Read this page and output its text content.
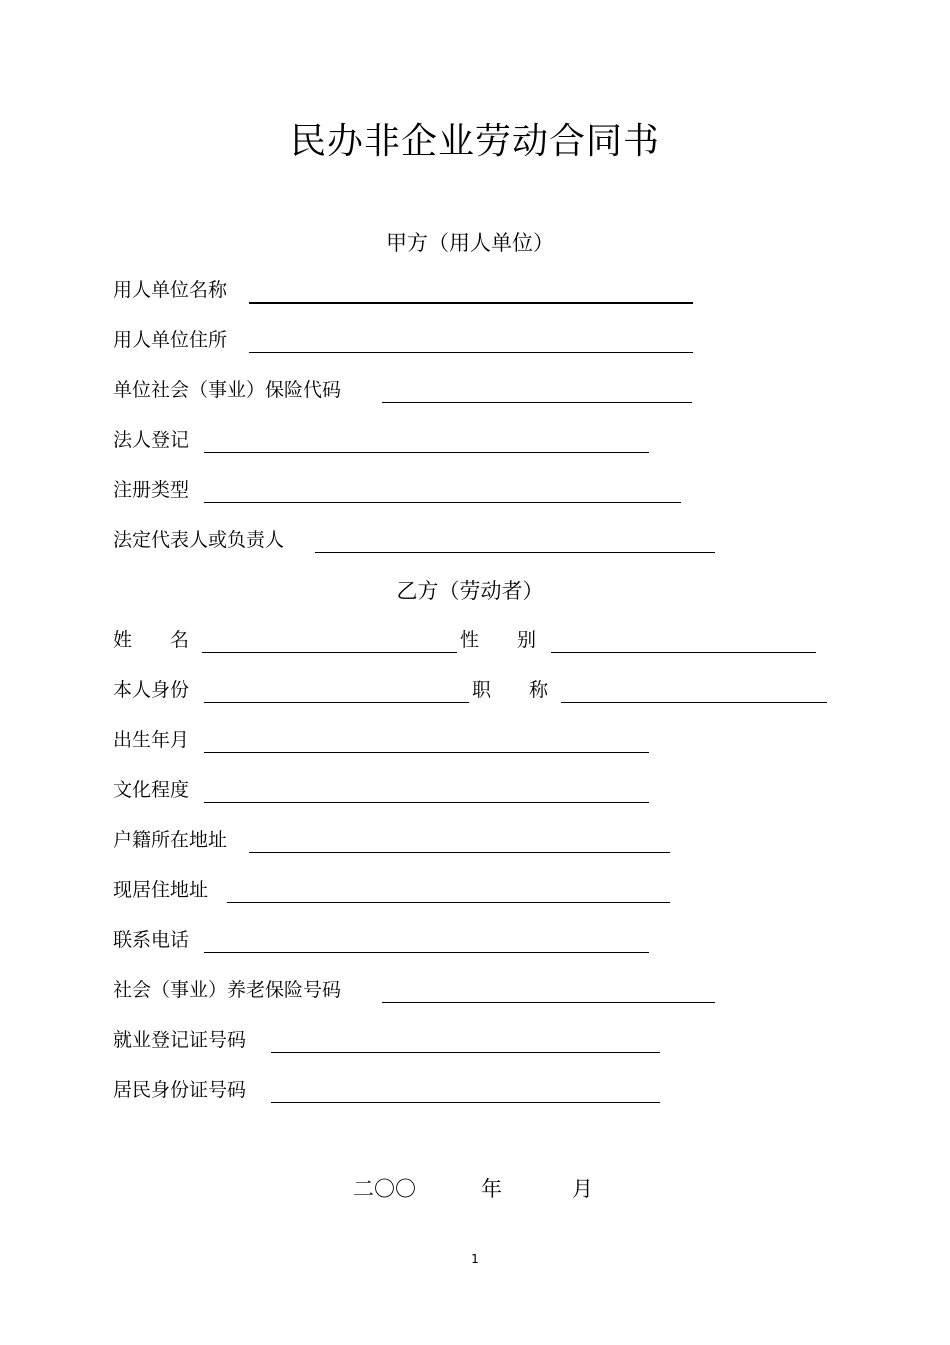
民办非企业劳动合同书
甲方（用人单位）
用人单位名称
用人单位住所
单位社会（事业）保险代码
法人登记
注册类型
法定代表人或负责人
乙方（劳动者）
姓　　名	性　　别
本人身份	职　　称
出生年月
文化程度
户籍所在地址
现居住地址
联系电话
社会（事业）养老保险号码
就业登记证号码
居民身份证号码
二〇〇	年	月
1
